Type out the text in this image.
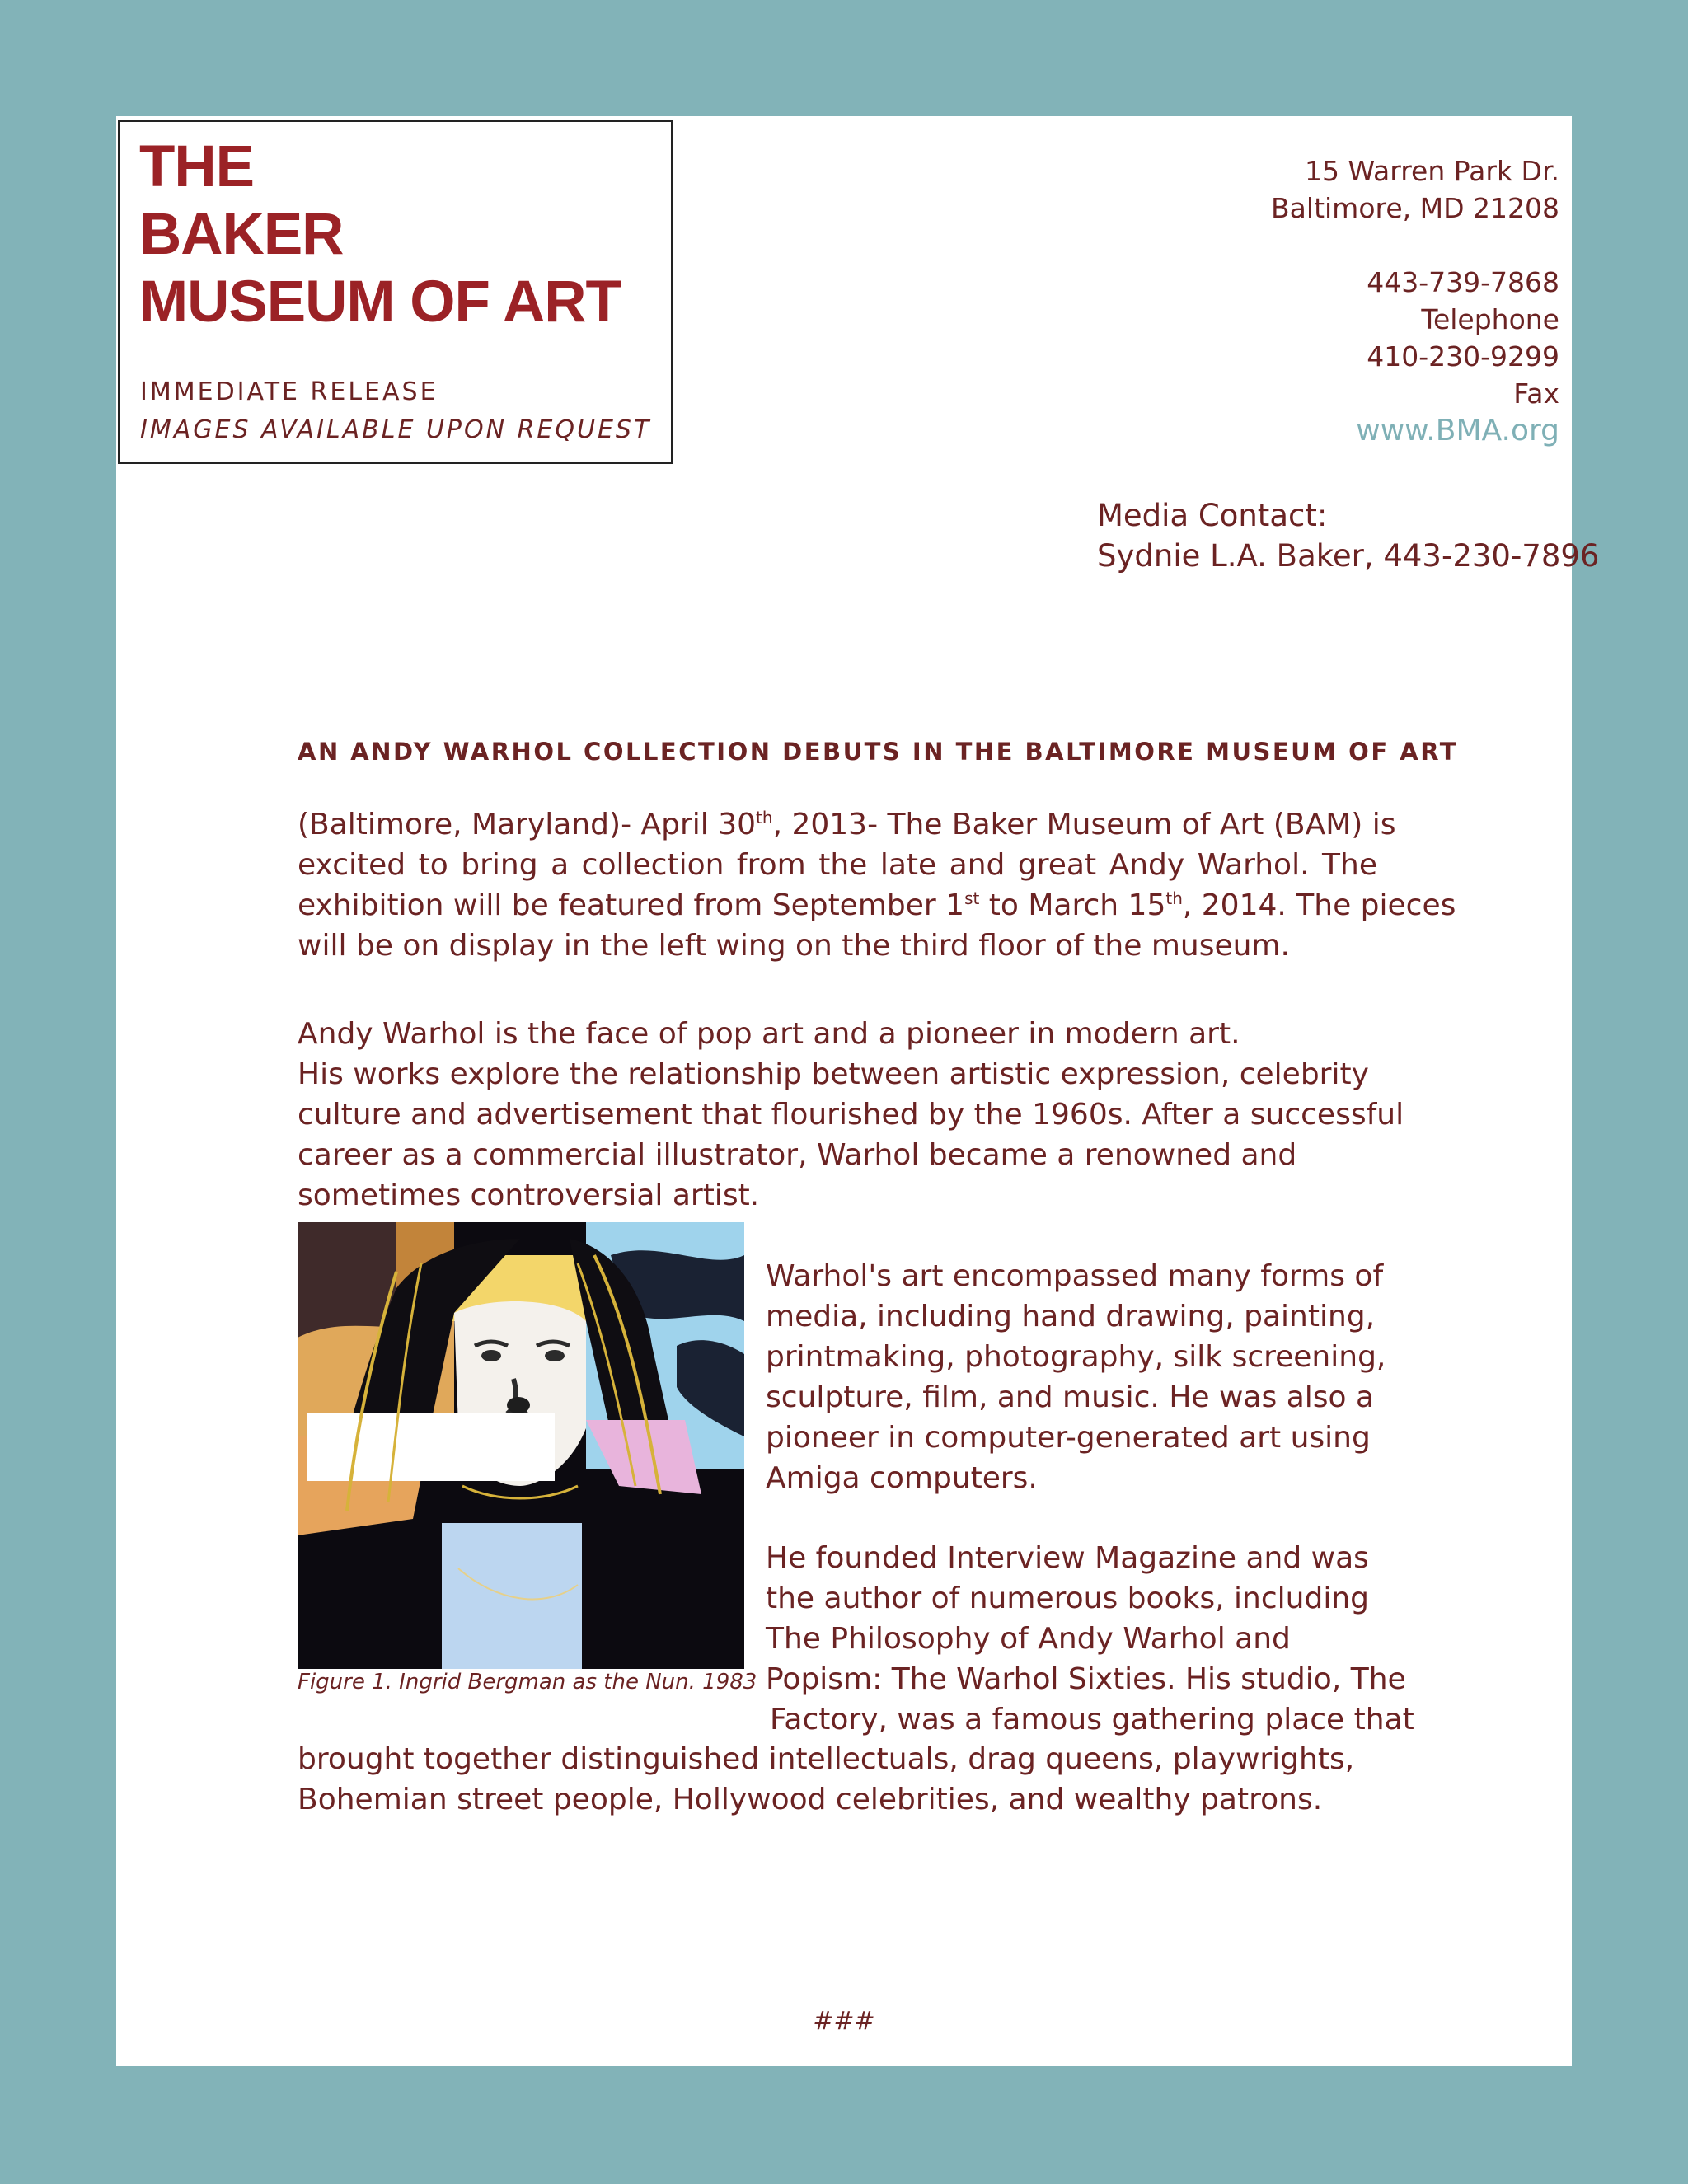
THE
BAKER
MUSEUM OF ART
IMMEDIATE RELEASE
IMAGES AVAILABLE UPON REQUEST
15 Warren Park Dr.
Baltimore, MD 21208
443-739-7868
Telephone
410-230-9299
Fax
www.BMA.org
Media Contact:
Sydnie L.A. Baker, 443-230-7896
AN ANDY WARHOL COLLECTION DEBUTS IN THE BALTIMORE MUSEUM OF ART
(Baltimore, Maryland)- April 30th, 2013- The Baker Museum of Art (BAM) is
excited to bring a collection from the late and great Andy Warhol. The
exhibition will be featured from September 1st to March 15th, 2014. The pieces
will be on display in the left wing on the third floor of the museum.
Andy Warhol is the face of pop art and a pioneer in modern art.
His works explore the relationship between artistic expression, celebrity
culture and advertisement that flourished by the 1960s. After a successful
career as a commercial illustrator, Warhol became a renowned and
sometimes controversial artist.
Figure 1. Ingrid Bergman as the Nun. 1983
Warhol's art encompassed many forms of
media, including hand drawing, painting,
printmaking, photography, silk screening,
sculpture, film, and music. He was also a
pioneer in computer-generated art using
Amiga computers.
He founded Interview Magazine and was
the author of numerous books, including
The Philosophy of Andy Warhol and
Popism: The Warhol Sixties. His studio, The
Factory, was a famous gathering place that
brought together distinguished intellectuals, drag queens, playwrights,
Bohemian street people, Hollywood celebrities, and wealthy patrons.
###
